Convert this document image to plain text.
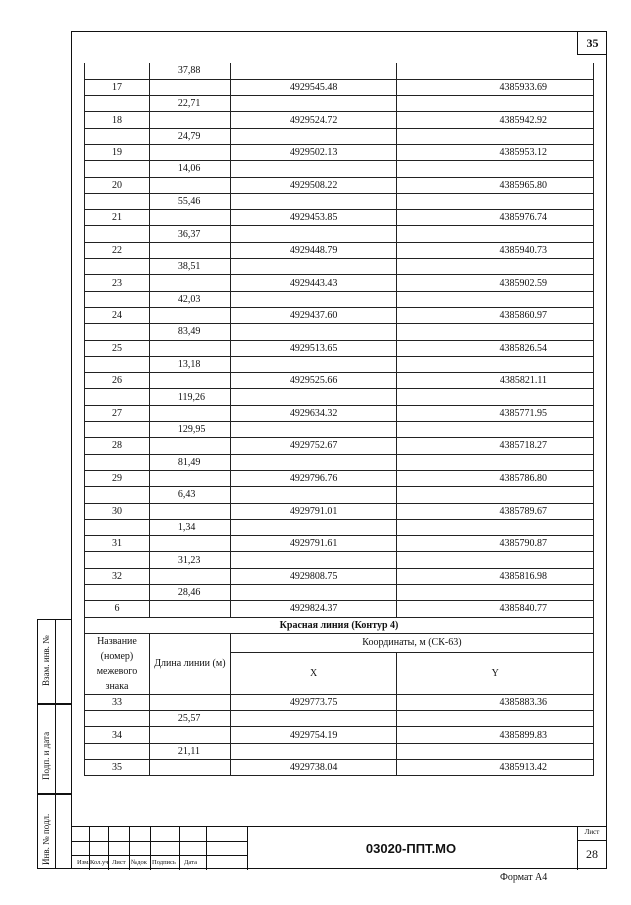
35
	37,88		
17		4929545.48	4385933.69
	22,71		
18		4929524.72	4385942.92
	24,79		
19		4929502.13	4385953.12
	14,06		
20		4929508.22	4385965.80
	55,46		
21		4929453.85	4385976.74
	36,37		
22		4929448.79	4385940.73
	38,51		
23		4929443.43	4385902.59
	42,03		
24		4929437.60	4385860.97
	83,49		
25		4929513.65	4385826.54
	13,18		
26		4929525.66	4385821.11
	119,26		
27		4929634.32	4385771.95
	129,95		
28		4929752.67	4385718.27
	81,49		
29		4929796.76	4385786.80
	6,43		
30		4929791.01	4385789.67
	1,34		
31		4929791.61	4385790.87
	31,23		
32		4929808.75	4385816.98
	28,46		
6		4929824.37	4385840.77
Красная линия (Контур 4)			
Название (номер) межевого знака	Длина линии (м)	Координаты, м (СК-63)	
		X	Y
33		4929773.75	4385883.36
	25,57		
34		4929754.19	4385899.83
	21,11		
35		4929738.04	4385913.42
Взам. инв. №
Подп. и дата
Инв. № подл.	Изм. Кол.уч Лист №док Подпись Дата
03020-ППТ.МО
Лист
28
Формат А4
